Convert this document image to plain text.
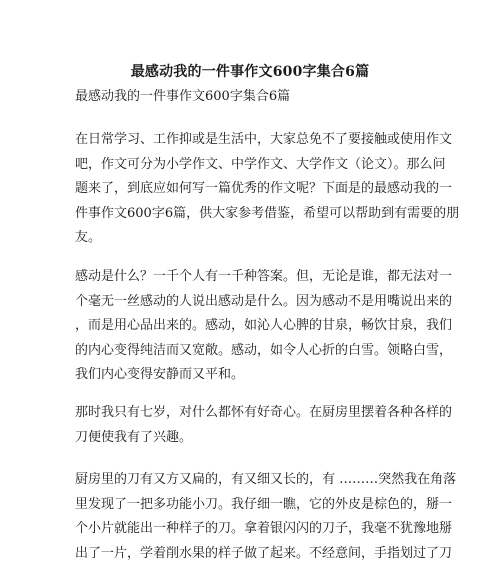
最感动我的一件事作文600字集合6篇
最感动我的一件事作文600字集合6篇

在日常学习、工作抑或是生活中，大家总免不了要接触或使用作文
吧，作文可分为小学作文、中学作文、大学作文（论文）。那么问
题来了，到底应如何写一篇优秀的作文呢？下面是的最感动我的一
件事作文600字6篇，供大家参考借鉴，希望可以帮助到有需要的朋
友。

感动是什么？一千个人有一千种答案。但，无论是谁，都无法对一
个毫无一丝感动的人说出感动是什么。因为感动不是用嘴说出来的
，而是用心品出来的。感动，如沁人心脾的甘泉，畅饮甘泉，我们
的内心变得纯洁而又宽敞。感动，如令人心折的白雪。领略白雪，
我们内心变得安静而又平和。

那时我只有七岁，对什么都怀有好奇心。在厨房里摆着各种各样的
刀便使我有了兴趣。

厨房里的刀有又方又扁的，有又细又长的，有 ………突然我在角落
里发现了一把多功能小刀。我仔细一瞧，它的外皮是棕色的，掰一
个小片就能出一种样子的刀。拿着银闪闪的刀子，我毫不犹豫地掰
出了一片，学着削水果的样子做了起来。不经意间，手指划过了刀
